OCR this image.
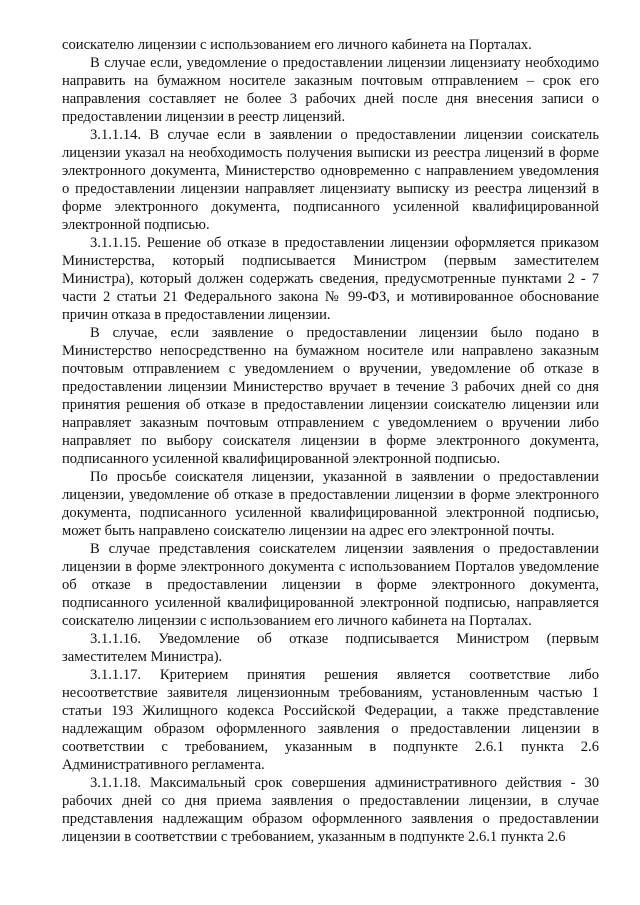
соискателю лицензии с использованием его личного кабинета на Порталах.

В случае если, уведомление о предоставлении лицензии лицензиату необходимо направить на бумажном носителе заказным почтовым отправлением – срок его направления составляет не более 3 рабочих дней после дня внесения записи о предоставлении лицензии в реестр лицензий.

3.1.1.14. В случае если в заявлении о предоставлении лицензии соискатель лицензии указал на необходимость получения выписки из реестра лицензий в форме электронного документа, Министерство одновременно с направлением уведомления о предоставлении лицензии направляет лицензиату выписку из реестра лицензий в форме электронного документа, подписанного усиленной квалифицированной электронной подписью.

3.1.1.15. Решение об отказе в предоставлении лицензии оформляется приказом Министерства, который подписывается Министром (первым заместителем Министра), который должен содержать сведения, предусмотренные пунктами 2 - 7 части 2 статьи 21 Федерального закона № 99-ФЗ, и мотивированное обоснование причин отказа в предоставлении лицензии.

В случае, если заявление о предоставлении лицензии было подано в Министерство непосредственно на бумажном носителе или направлено заказным почтовым отправлением с уведомлением о вручении, уведомление об отказе в предоставлении лицензии Министерство вручает в течение 3 рабочих дней со дня принятия решения об отказе в предоставлении лицензии соискателю лицензии или направляет заказным почтовым отправлением с уведомлением о вручении либо направляет по выбору соискателя лицензии в форме электронного документа, подписанного усиленной квалифицированной электронной подписью.

По просьбе соискателя лицензии, указанной в заявлении о предоставлении лицензии, уведомление об отказе в предоставлении лицензии в форме электронного документа, подписанного усиленной квалифицированной электронной подписью, может быть направлено соискателю лицензии на адрес его электронной почты.

В случае представления соискателем лицензии заявления о предоставлении лицензии в форме электронного документа с использованием Порталов уведомление об отказе в предоставлении лицензии в форме электронного документа, подписанного усиленной квалифицированной электронной подписью, направляется соискателю лицензии с использованием его личного кабинета на Порталах.

3.1.1.16. Уведомление об отказе подписывается Министром (первым заместителем Министра).

3.1.1.17. Критерием принятия решения является соответствие либо несоответствие заявителя лицензионным требованиям, установленным частью 1 статьи 193 Жилищного кодекса Российской Федерации, а также представление надлежащим образом оформленного заявления о предоставлении лицензии в соответствии с требованием, указанным в подпункте 2.6.1 пункта 2.6 Административного регламента.

3.1.1.18. Максимальный срок совершения административного действия - 30 рабочих дней со дня приема заявления о предоставлении лицензии, в случае представления надлежащим образом оформленного заявления о предоставлении лицензии в соответствии с требованием, указанным в подпункте 2.6.1 пункта 2.6
